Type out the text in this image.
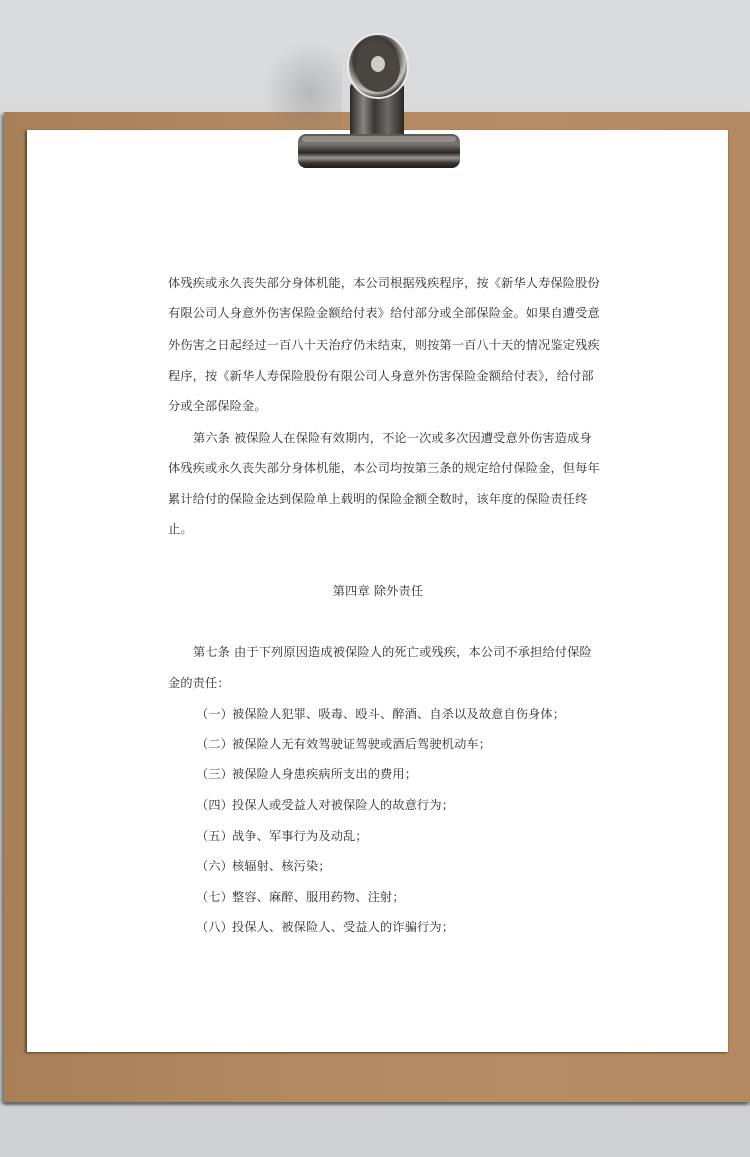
体残疾或永久丧失部分身体机能，本公司根据残疾程序，按《新华人寿保险股份
有限公司人身意外伤害保险金额给付表》给付部分或全部保险金。如果自遭受意
外伤害之日起经过一百八十天治疗仍未结束，则按第一百八十天的情况鉴定残疾
程序，按《新华人寿保险股份有限公司人身意外伤害保险金额给付表》，给付部
分或全部保险金。
第六条 被保险人在保险有效期内，不论一次或多次因遭受意外伤害造成身
体残疾或永久丧失部分身体机能，本公司均按第三条的规定给付保险金，但每年
累计给付的保险金达到保险单上载明的保险金额全数时，该年度的保险责任终
止。
第四章 除外责任
第七条 由于下列原因造成被保险人的死亡或残疾，本公司不承担给付保险
金的责任：
（一）被保险人犯罪、吸毒、殴斗、醉酒、自杀以及故意自伤身体；
（二）被保险人无有效驾驶证驾驶或酒后驾驶机动车；
（三）被保险人身患疾病所支出的费用；
（四）投保人或受益人对被保险人的故意行为；
（五）战争、军事行为及动乱；
（六）核辐射、核污染；
（七）整容、麻醉、服用药物、注射；
（八）投保人、被保险人、受益人的诈骗行为；
